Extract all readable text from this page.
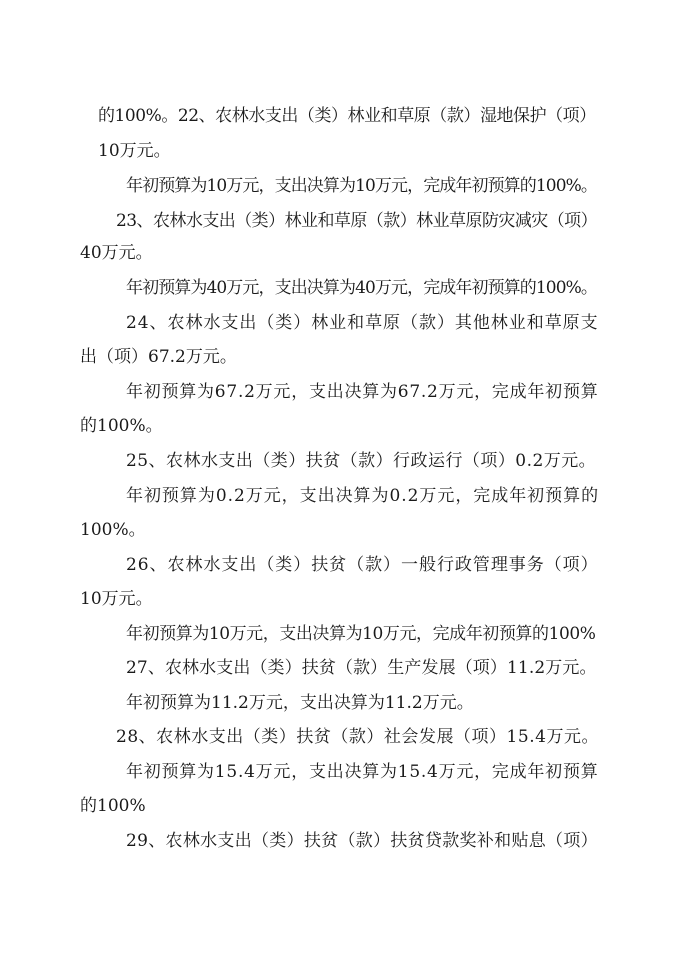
的100%。22、农林水支出（类）林业和草原（款）湿地保护（项）
10万元。
年初预算为10万元，支出决算为10万元，完成年初预算的100%。
23、农林水支出（类）林业和草原（款）林业草原防灾减灾（项）
40万元。
年初预算为40万元，支出决算为40万元，完成年初预算的100%。
24、农林水支出（类）林业和草原（款）其他林业和草原支
出（项）67.2万元。
年初预算为67.2万元，支出决算为67.2万元，完成年初预算
的100%。
25、农林水支出（类）扶贫（款）行政运行（项）0.2万元。
年初预算为0.2万元，支出决算为0.2万元，完成年初预算的
100%。
26、农林水支出（类）扶贫（款）一般行政管理事务（项）
10万元。
年初预算为10万元，支出决算为10万元，完成年初预算的100%
27、农林水支出（类）扶贫（款）生产发展（项）11.2万元。
年初预算为11.2万元，支出决算为11.2万元。
28、农林水支出（类）扶贫（款）社会发展（项）15.4万元。
年初预算为15.4万元，支出决算为15.4万元，完成年初预算
的100%
29、农林水支出（类）扶贫（款）扶贫贷款奖补和贴息（项）
